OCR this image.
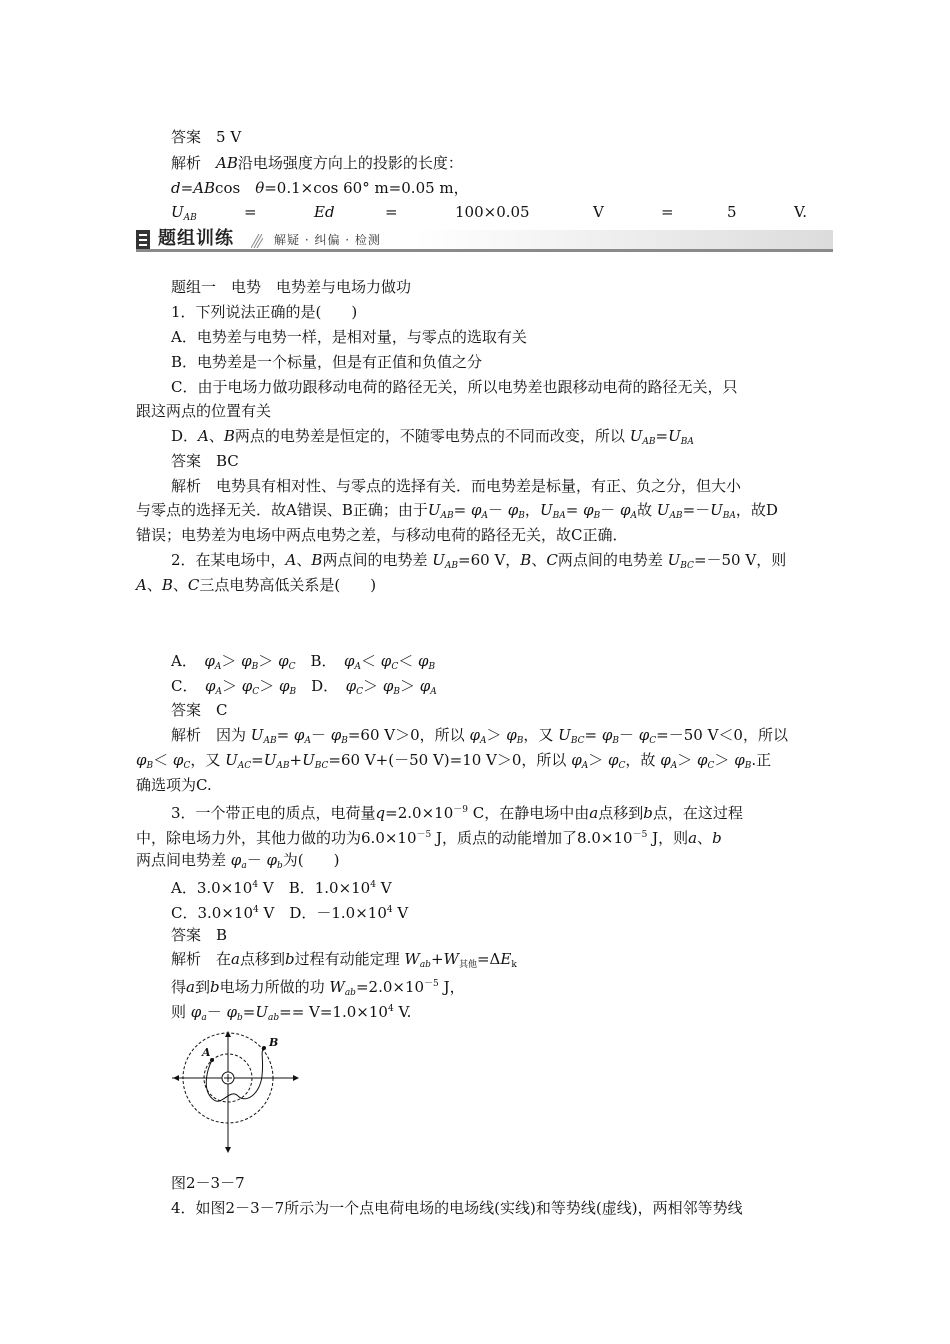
答案　 5 V
解析　 AB沿电场强度方向上的投影的长度：
d=ABcos　θ=0.1×cos 60° m=0.05 m，
$U_{AB}$	=	Ed	=	100×0.05	V	=	5	V.
题组训练	解疑 · 纠偏 · 检测
题组一　电势　电势差与电场力做功
1．下列说法正确的是(　　)
A．电势差与电势一样，是相对量，与零点的选取有关
B．电势差是一个标量，但是有正值和负值之分
C．由于电场力做功跟移动电荷的路径无关，所以电势差也跟移动电荷的路径无关，只
跟这两点的位置有关
D．A、B两点的电势差是恒定的，不随零电势点的不同而改变，所以 $U_{AB}=U_{BA}$
答案　BC
解析　电势具有相对性、与零点的选择有关．而电势差是标量，有正、负之分，但大小
与零点的选择无关．故A错误、B正确；由于$U_{AB}= \varphi_A- \varphi_B$，$U_{BA}= \varphi_B- \varphi_A$故 $U_{AB}=-U_{BA}$，故D
错误；电势差为电场中两点电势之差，与移动电荷的路径无关，故C正确．
2．在某电场中，A、B两点间的电势差 $U_{AB}=60$ V，B、C两点间的电势差 $U_{BC}=-50$ V，则
A、B、C三点电势高低关系是(　　)
A．　$\varphi_A> \varphi_B> \varphi_C$　B．　$\varphi_A< \varphi_C< \varphi_B$
C．　$\varphi_A> \varphi_C> \varphi_B$　D．　$\varphi_C> \varphi_B> \varphi_A$
答案　C
解析　因为 $U_{AB}= \varphi_A- \varphi_B=60$ V＞0，所以 $\varphi_A> \varphi_B$，又 $U_{BC}= \varphi_B- \varphi_C=-50$ V＜0，所以
$\varphi_B< \varphi_C$，又 $U_{AC}=U_{AB}+U_{BC}=60$ V+(－50 V)=10 V＞0，所以 $\varphi_A> \varphi_C$，故 $\varphi_A> \varphi_C> \varphi_B$.正
确选项为C.
3．一个带正电的质点，电荷量$q=2.0\times 10^{-9}$ C，在静电场中由a点移到b点，在这过程
中，除电场力外，其他力做的功为$6.0\times 10^{-5}$ J，质点的动能增加了$8.0\times 10^{-5}$ J，则a、b
两点间电势差 $\varphi_a- \varphi_b$为(　　)
A．$3.0\times 10^4$ V　B．$1.0\times 10^4$ V
C．$3.0\times 10^4$ V　D．$-1.0\times 10^4$ V
答案　B
解析　在a点移到b过程有动能定理 $W_{ab}+W_{其他}=\Delta E_k$
得a到b电场力所做的功 $W_{ab}=2.0\times 10^{-5}$ J，
则 $\varphi_a- \varphi_b=U_{ab}== V=1.0\times 10^4$ V.
A
B
图2－3－7
4．如图2－3－7所示为一个点电荷电场的电场线(实线)和等势线(虚线)，两相邻等势线
